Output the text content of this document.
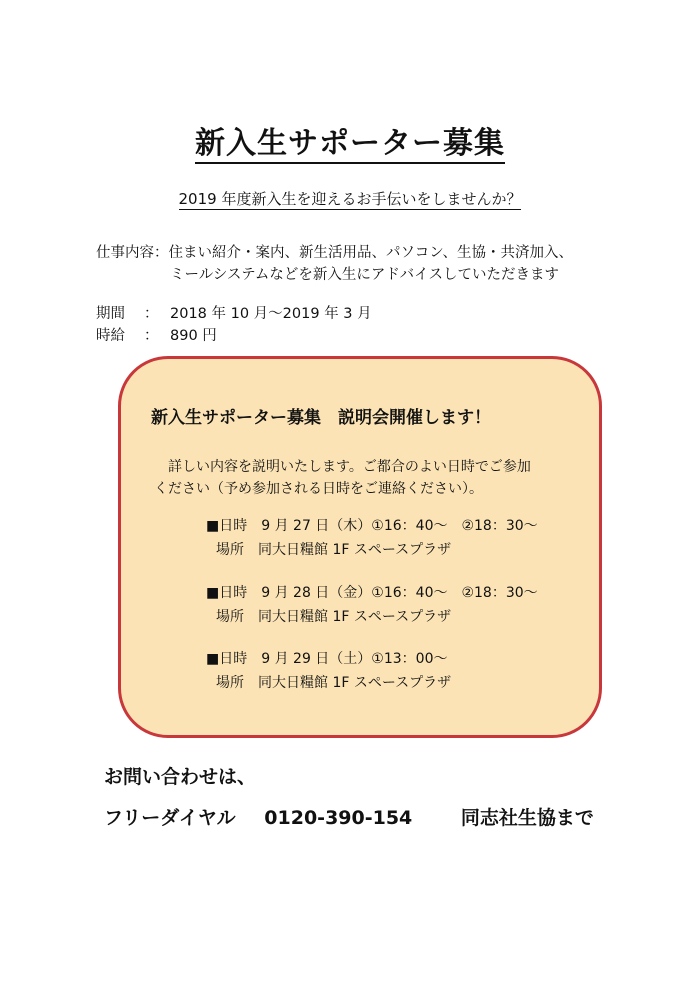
新入生サポーター募集
2019 年度新入生を迎えるお手伝いをしませんか？
仕事内容：住まい紹介・案内、新生活用品、パソコン、生協・共済加入、
ミールシステムなどを新入生にアドバイスしていただきます
期間	： 2018 年 10 月～2019 年 3 月
時給	： 890 円
新入生サポーター募集　説明会開催します！
詳しい内容を説明いたします。ご都合のよい日時でご参加
ください（予め参加される日時をご連絡ください）。
■日時　9 月 27 日（木）①16：40～　②18：30～
場所　同大日糧館 1F スペースプラザ
■日時　9 月 28 日（金）①16：40～　②18：30～
場所　同大日糧館 1F スペースプラザ
■日時　9 月 29 日（土）①13：00～
場所　同大日糧館 1F スペースプラザ
お問い合わせは、
フリーダイヤル 0120-390-154	同志社生協まで
